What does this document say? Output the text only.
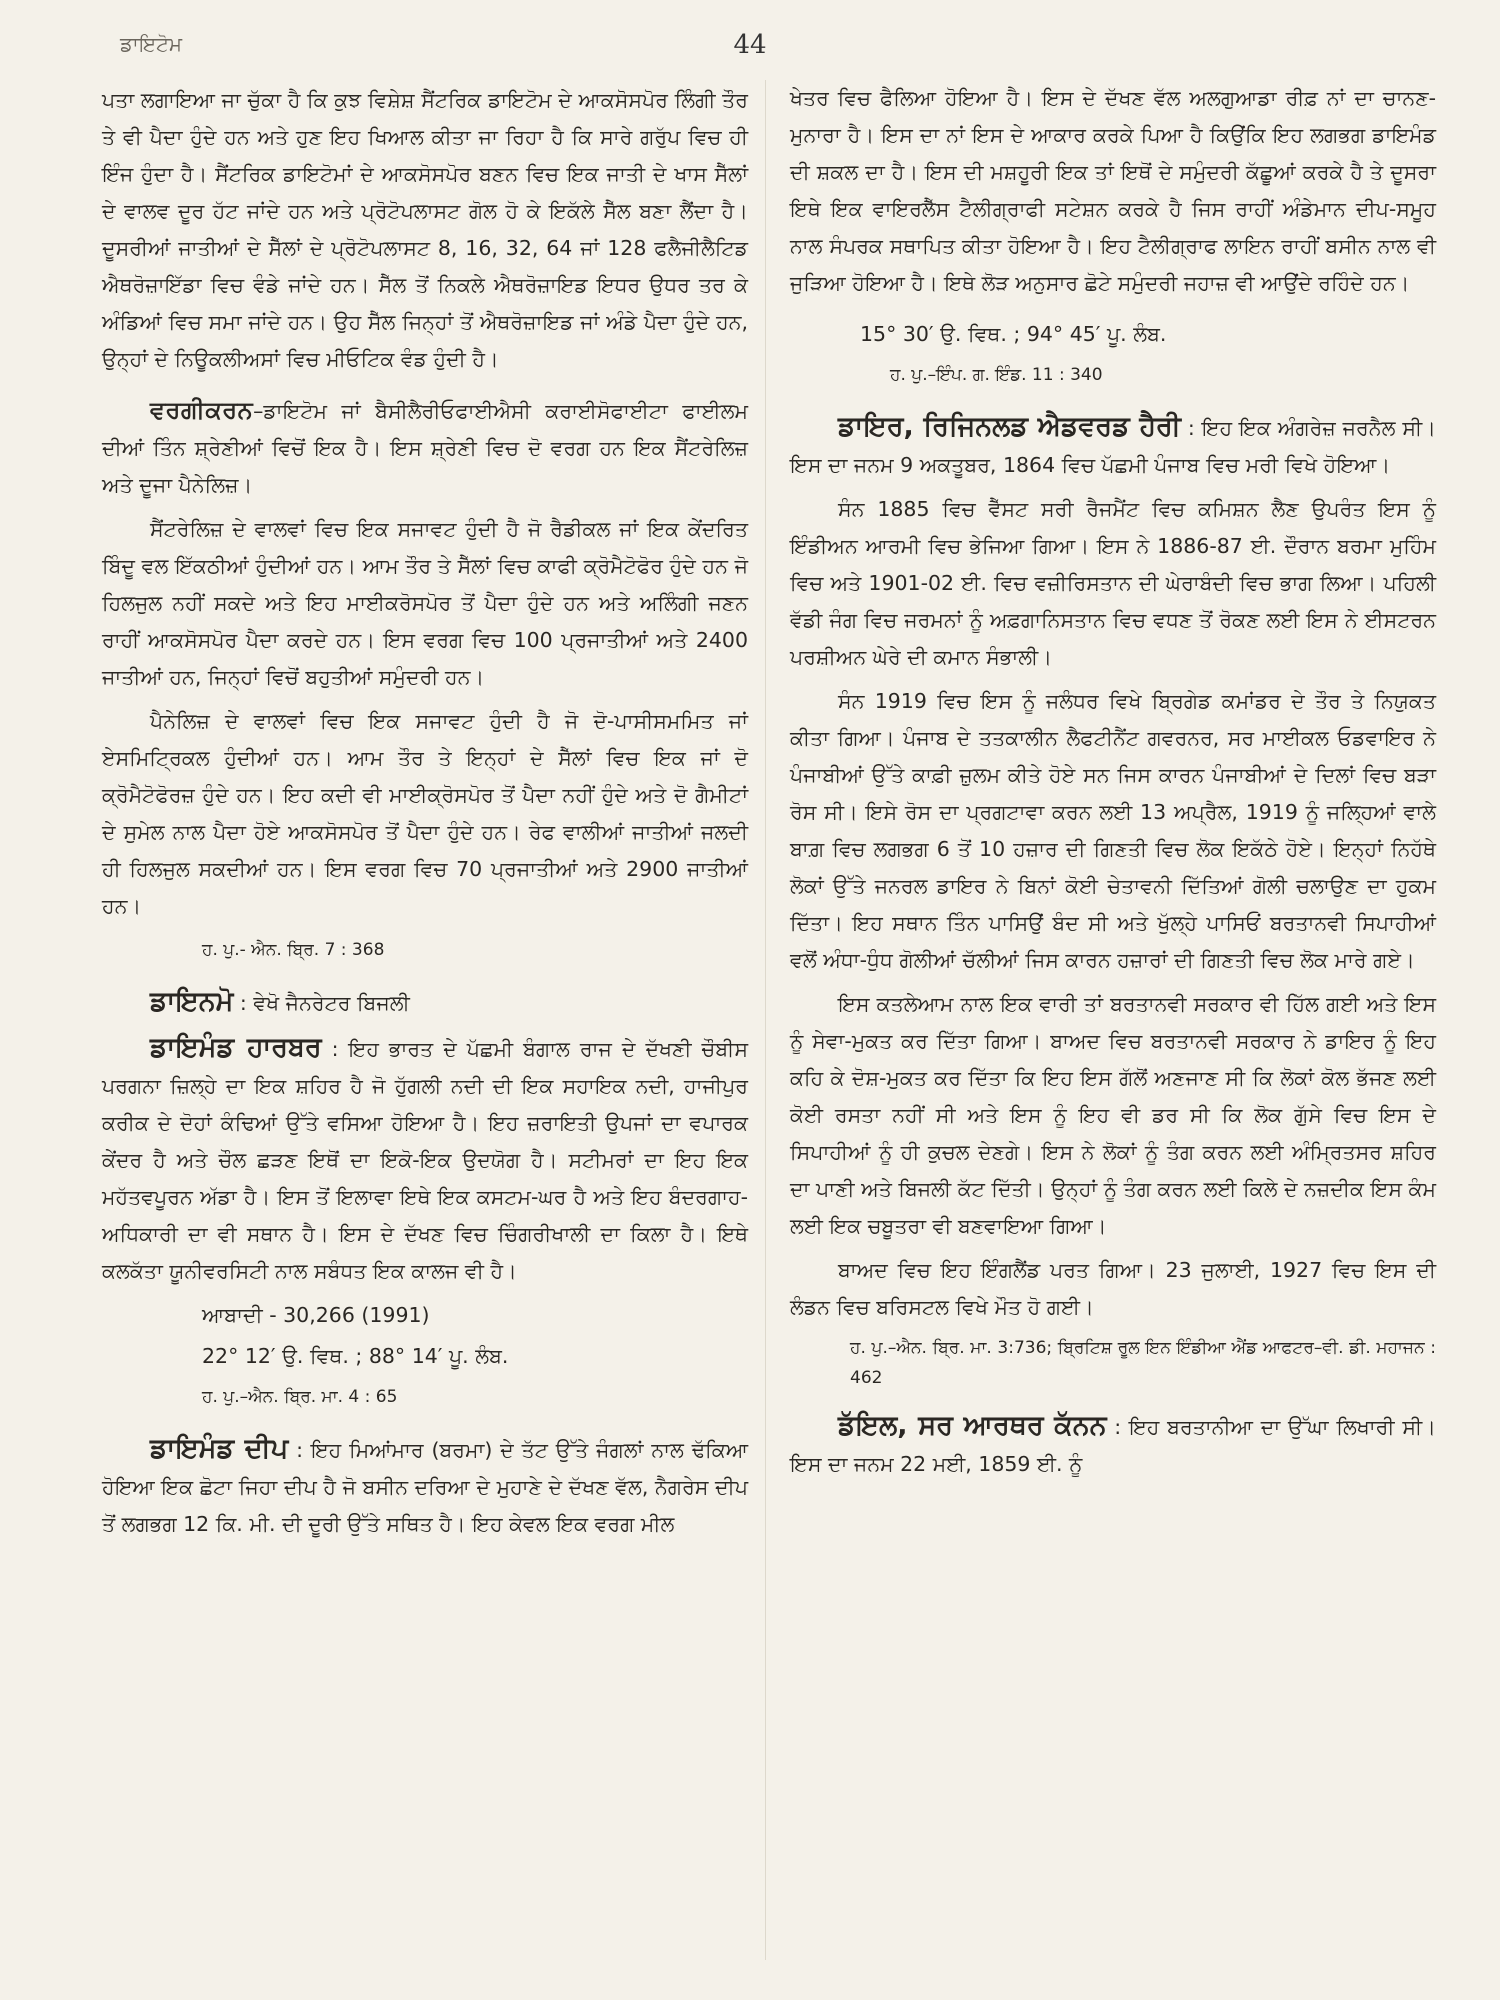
ਡਾਇਟੋਮ	44

ਪਤਾ ਲਗਾਇਆ ਜਾ ਚੁੱਕਾ ਹੈ ਕਿ ਕੁਝ ਵਿਸ਼ੇਸ਼ ਸੈਂਟਰਿਕ ਡਾਇਟੋਮ ਦੇ ਆਕਸੋਸਪੋਰ ਲਿੰਗੀ ਤੌਰ ਤੇ ਵੀ ਪੈਦਾ ਹੁੰਦੇ ਹਨ ਅਤੇ ਹੁਣ ਇਹ ਖਿਆਲ ਕੀਤਾ ਜਾ ਰਿਹਾ ਹੈ ਕਿ ਸਾਰੇ ਗਰੁੱਪ ਵਿਚ ਹੀ ਇੰਜ ਹੁੰਦਾ ਹੈ। ਸੈਂਟਰਿਕ ਡਾਇਟੋਮਾਂ ਦੇ ਆਕਸੋਸਪੋਰ ਬਣਨ ਵਿਚ ਇਕ ਜਾਤੀ ਦੇ ਖਾਸ ਸੈੱਲਾਂ ਦੇ ਵਾਲਵ ਦੂਰ ਹੱਟ ਜਾਂਦੇ ਹਨ ਅਤੇ ਪ੍ਰੋਟੋਪਲਾਸਟ ਗੋਲ ਹੋ ਕੇ ਇਕੱਲੇ ਸੈੱਲ ਬਣਾ ਲੈਂਦਾ ਹੈ। ਦੂਸਰੀਆਂ ਜਾਤੀਆਂ ਦੇ ਸੈੱਲਾਂ ਦੇ ਪ੍ਰੋਟੋਪਲਾਸਟ 8, 16, 32, 64 ਜਾਂ 128 ਫਲੈਜੀਲੈਟਿਡ ਐਥਰੋਜ਼ਾਇੱਡਾ ਵਿਚ ਵੰਡੇ ਜਾਂਦੇ ਹਨ। ਸੈੱਲ ਤੋਂ ਨਿਕਲੇ ਐਥਰੋਜ਼ਾਇਡ ਇਧਰ ਉਧਰ ਤਰ ਕੇ ਅੰਡਿਆਂ ਵਿਚ ਸਮਾ ਜਾਂਦੇ ਹਨ। ਉਹ ਸੈੱਲ ਜਿਨ੍ਹਾਂ ਤੋਂ ਐਥਰੋਜ਼ਾਇਡ ਜਾਂ ਅੰਡੇ ਪੈਦਾ ਹੁੰਦੇ ਹਨ, ਉਨ੍ਹਾਂ ਦੇ ਨਿਊਕਲੀਅਸਾਂ ਵਿਚ ਮੀਓਟਿਕ ਵੰਡ ਹੁੰਦੀ ਹੈ।

ਵਰਗੀਕਰਨ–ਡਾਇਟੋਮ ਜਾਂ ਬੈਸੀਲੈਰੀਓਫਾਈਐਸੀ ਕਰਾਈਸੋਫਾਈਟਾ ਫਾਈਲਮ ਦੀਆਂ ਤਿੰਨ ਸ਼੍ਰੇਣੀਆਂ ਵਿਚੋਂ ਇਕ ਹੈ। ਇਸ ਸ਼੍ਰੇਣੀ ਵਿਚ ਦੋ ਵਰਗ ਹਨ ਇਕ ਸੈਂਟਰੇਲਿਜ਼ ਅਤੇ ਦੂਜਾ ਪੈਨੇਲਿਜ਼।

ਸੈਂਟਰੇਲਿਜ਼ ਦੇ ਵਾਲਵਾਂ ਵਿਚ ਇਕ ਸਜਾਵਟ ਹੁੰਦੀ ਹੈ ਜੋ ਰੈਡੀਕਲ ਜਾਂ ਇਕ ਕੇਂਦਰਿਤ ਬਿੰਦੂ ਵਲ ਇੱਕਠੀਆਂ ਹੁੰਦੀਆਂ ਹਨ। ਆਮ ਤੌਰ ਤੇ ਸੈੱਲਾਂ ਵਿਚ ਕਾਫੀ ਕ੍ਰੋਮੈਟੋਫੋਰ ਹੁੰਦੇ ਹਨ ਜੋ ਹਿਲਜੁਲ ਨਹੀਂ ਸਕਦੇ ਅਤੇ ਇਹ ਮਾਈਕਰੋਸਪੋਰ ਤੋਂ ਪੈਦਾ ਹੁੰਦੇ ਹਨ ਅਤੇ ਅਲਿੰਗੀ ਜਣਨ ਰਾਹੀਂ ਆਕਸੋਸਪੋਰ ਪੈਦਾ ਕਰਦੇ ਹਨ। ਇਸ ਵਰਗ ਵਿਚ 100 ਪ੍ਰਜਾਤੀਆਂ ਅਤੇ 2400 ਜਾਤੀਆਂ ਹਨ, ਜਿਨ੍ਹਾਂ ਵਿਚੋਂ ਬਹੁਤੀਆਂ ਸਮੁੰਦਰੀ ਹਨ।

ਪੈਨੇਲਿਜ਼ ਦੇ ਵਾਲਵਾਂ ਵਿਚ ਇਕ ਸਜਾਵਟ ਹੁੰਦੀ ਹੈ ਜੋ ਦੋ-ਪਾਸੀਸਮਮਿਤ ਜਾਂ ਏਸਮਿਟ੍ਰਿਕਲ ਹੁੰਦੀਆਂ ਹਨ। ਆਮ ਤੌਰ ਤੇ ਇਨ੍ਹਾਂ ਦੇ ਸੈੱਲਾਂ ਵਿਚ ਇਕ ਜਾਂ ਦੋ ਕ੍ਰੋਮੈਟੋਫੋਰਜ਼ ਹੁੰਦੇ ਹਨ। ਇਹ ਕਦੀ ਵੀ ਮਾਈਕ੍ਰੋਸਪੋਰ ਤੋਂ ਪੈਦਾ ਨਹੀਂ ਹੁੰਦੇ ਅਤੇ ਦੋ ਗੈਮੀਟਾਂ ਦੇ ਸੁਮੇਲ ਨਾਲ ਪੈਦਾ ਹੋਏ ਆਕਸੋਸਪੋਰ ਤੋਂ ਪੈਦਾ ਹੁੰਦੇ ਹਨ। ਰੇਫ ਵਾਲੀਆਂ ਜਾਤੀਆਂ ਜਲਦੀ ਹੀ ਹਿਲਜੁਲ ਸਕਦੀਆਂ ਹਨ। ਇਸ ਵਰਗ ਵਿਚ 70 ਪ੍ਰਜਾਤੀਆਂ ਅਤੇ 2900 ਜਾਤੀਆਂ ਹਨ।

ਹ. ਪੁ.- ਐਨ. ਬ੍ਰਿ. 7 : 368

ਡਾਇਨਮੋ : ਵੇਖੋ ਜੈਨਰੇਟਰ ਬਿਜਲੀ

ਡਾਇਮੰਡ ਹਾਰਬਰ : ਇਹ ਭਾਰਤ ਦੇ ਪੱਛਮੀ ਬੰਗਾਲ ਰਾਜ ਦੇ ਦੱਖਣੀ ਚੌਬੀਸ ਪਰਗਨਾ ਜ਼ਿਲ੍ਹੇ ਦਾ ਇਕ ਸ਼ਹਿਰ ਹੈ ਜੋ ਹੁੱਗਲੀ ਨਦੀ ਦੀ ਇਕ ਸਹਾਇਕ ਨਦੀ, ਹਾਜੀਪੁਰ ਕਰੀਕ ਦੇ ਦੋਹਾਂ ਕੰਢਿਆਂ ਉੱਤੇ ਵਸਿਆ ਹੋਇਆ ਹੈ। ਇਹ ਜ਼ਰਾਇਤੀ ਉਪਜਾਂ ਦਾ ਵਪਾਰਕ ਕੇਂਦਰ ਹੈ ਅਤੇ ਚੌਲ ਛੜਣ ਇਥੋਂ ਦਾ ਇਕੋ-ਇਕ ਉਦਯੋਗ ਹੈ। ਸਟੀਮਰਾਂ ਦਾ ਇਹ ਇਕ ਮਹੱਤਵਪੂਰਨ ਅੱਡਾ ਹੈ। ਇਸ ਤੋਂ ਇਲਾਵਾ ਇਥੇ ਇਕ ਕਸਟਮ-ਘਰ ਹੈ ਅਤੇ ਇਹ ਬੰਦਰਗਾਹ-ਅਧਿਕਾਰੀ ਦਾ ਵੀ ਸਥਾਨ ਹੈ। ਇਸ ਦੇ ਦੱਖਣ ਵਿਚ ਚਿੰਗਰੀਖਾਲੀ ਦਾ ਕਿਲਾ ਹੈ। ਇਥੇ ਕਲਕੱਤਾ ਯੂਨੀਵਰਸਿਟੀ ਨਾਲ ਸਬੰਧਤ ਇਕ ਕਾਲਜ ਵੀ ਹੈ।

ਆਬਾਦੀ - 30,266 (1991)

22° 12′ ਉ. ਵਿਥ. ; 88° 14′ ਪੂ. ਲੰਬ.

ਹ. ਪੁ.–ਐਨ. ਬ੍ਰਿ. ਮਾ. 4 : 65

ਡਾਇਮੰਡ ਦੀਪ : ਇਹ ਮਿਆਂਮਾਰ (ਬਰਮਾ) ਦੇ ਤੱਟ ਉੱਤੇ ਜੰਗਲਾਂ ਨਾਲ ਢੱਕਿਆ ਹੋਇਆ ਇਕ ਛੋਟਾ ਜਿਹਾ ਦੀਪ ਹੈ ਜੋ ਬਸੀਨ ਦਰਿਆ ਦੇ ਮੁਹਾਣੇ ਦੇ ਦੱਖਣ ਵੱਲ, ਨੈਗਰੇਸ ਦੀਪ ਤੋਂ ਲਗਭਗ 12 ਕਿ. ਮੀ. ਦੀ ਦੂਰੀ ਉੱਤੇ ਸਥਿਤ ਹੈ। ਇਹ ਕੇਵਲ ਇਕ ਵਰਗ ਮੀਲ

ਖੇਤਰ ਵਿਚ ਫੈਲਿਆ ਹੋਇਆ ਹੈ। ਇਸ ਦੇ ਦੱਖਣ ਵੱਲ ਅਲਗੁਆਡਾ ਰੀਫ਼ ਨਾਂ ਦਾ ਚਾਨਣ-ਮੁਨਾਰਾ ਹੈ। ਇਸ ਦਾ ਨਾਂ ਇਸ ਦੇ ਆਕਾਰ ਕਰਕੇ ਪਿਆ ਹੈ ਕਿਉਂਕਿ ਇਹ ਲਗਭਗ ਡਾਇਮੰਡ ਦੀ ਸ਼ਕਲ ਦਾ ਹੈ। ਇਸ ਦੀ ਮਸ਼ਹੂਰੀ ਇਕ ਤਾਂ ਇਥੋਂ ਦੇ ਸਮੁੰਦਰੀ ਕੱਛੂਆਂ ਕਰਕੇ ਹੈ ਤੇ ਦੂਸਰਾ ਇਥੇ ਇਕ ਵਾਇਰਲੈੱਸ ਟੈਲੀਗ੍ਰਾਫੀ ਸਟੇਸ਼ਨ ਕਰਕੇ ਹੈ ਜਿਸ ਰਾਹੀਂ ਅੰਡੇਮਾਨ ਦੀਪ-ਸਮੂਹ ਨਾਲ ਸੰਪਰਕ ਸਥਾਪਿਤ ਕੀਤਾ ਹੋਇਆ ਹੈ। ਇਹ ਟੈਲੀਗ੍ਰਾਫ ਲਾਇਨ ਰਾਹੀਂ ਬਸੀਨ ਨਾਲ ਵੀ ਜੁੜਿਆ ਹੋਇਆ ਹੈ। ਇਥੇ ਲੋੜ ਅਨੁਸਾਰ ਛੋਟੇ ਸਮੁੰਦਰੀ ਜਹਾਜ਼ ਵੀ ਆਉਂਦੇ ਰਹਿੰਦੇ ਹਨ।

15° 30′ ਉ. ਵਿਥ. ; 94° 45′ ਪੂ. ਲੰਬ.

ਹ. ਪੁ.–ਇੰਪ. ਗ. ਇੰਡ. 11 : 340

ਡਾਇਰ, ਰਿਜਿਨਲਡ ਐਡਵਰਡ ਹੈਰੀ : ਇਹ ਇਕ ਅੰਗਰੇਜ਼ ਜਰਨੈਲ ਸੀ। ਇਸ ਦਾ ਜਨਮ 9 ਅਕਤੂਬਰ, 1864 ਵਿਚ ਪੱਛਮੀ ਪੰਜਾਬ ਵਿਚ ਮਰੀ ਵਿਖੇ ਹੋਇਆ।

ਸੰਨ 1885 ਵਿਚ ਵੈੱਸਟ ਸਰੀ ਰੈਜਮੈਂਟ ਵਿਚ ਕਮਿਸ਼ਨ ਲੈਣ ਉਪਰੰਤ ਇਸ ਨੂੰ ਇੰਡੀਅਨ ਆਰਮੀ ਵਿਚ ਭੇਜਿਆ ਗਿਆ। ਇਸ ਨੇ 1886-87 ਈ. ਦੌਰਾਨ ਬਰਮਾ ਮੁਹਿੰਮ ਵਿਚ ਅਤੇ 1901-02 ਈ. ਵਿਚ ਵਜ਼ੀਰਿਸਤਾਨ ਦੀ ਘੇਰਾਬੰਦੀ ਵਿਚ ਭਾਗ ਲਿਆ। ਪਹਿਲੀ ਵੱਡੀ ਜੰਗ ਵਿਚ ਜਰਮਨਾਂ ਨੂੰ ਅਫ਼ਗਾਨਿਸਤਾਨ ਵਿਚ ਵਧਣ ਤੋਂ ਰੋਕਣ ਲਈ ਇਸ ਨੇ ਈਸਟਰਨ ਪਰਸ਼ੀਅਨ ਘੇਰੇ ਦੀ ਕਮਾਨ ਸੰਭਾਲੀ।

ਸੰਨ 1919 ਵਿਚ ਇਸ ਨੂੰ ਜਲੰਧਰ ਵਿਖੇ ਬ੍ਰਿਗੇਡ ਕਮਾਂਡਰ ਦੇ ਤੌਰ ਤੇ ਨਿਯੁਕਤ ਕੀਤਾ ਗਿਆ। ਪੰਜਾਬ ਦੇ ਤਤਕਾਲੀਨ ਲੈਫਟੀਨੈਂਟ ਗਵਰਨਰ, ਸਰ ਮਾਈਕਲ ਓਡਵਾਇਰ ਨੇ ਪੰਜਾਬੀਆਂ ਉੱਤੇ ਕਾਫ਼ੀ ਜ਼ੁਲਮ ਕੀਤੇ ਹੋਏ ਸਨ ਜਿਸ ਕਾਰਨ ਪੰਜਾਬੀਆਂ ਦੇ ਦਿਲਾਂ ਵਿਚ ਬੜਾ ਰੋਸ ਸੀ। ਇਸੇ ਰੋਸ ਦਾ ਪ੍ਰਗਟਾਵਾ ਕਰਨ ਲਈ 13 ਅਪ੍ਰੈਲ, 1919 ਨੂੰ ਜਲ੍ਹਿਆਂ ਵਾਲੇ ਬਾਗ਼ ਵਿਚ ਲਗਭਗ 6 ਤੋਂ 10 ਹਜ਼ਾਰ ਦੀ ਗਿਣਤੀ ਵਿਚ ਲੋਕ ਇਕੱਠੇ ਹੋਏ। ਇਨ੍ਹਾਂ ਨਿਹੱਥੇ ਲੋਕਾਂ ਉੱਤੇ ਜਨਰਲ ਡਾਇਰ ਨੇ ਬਿਨਾਂ ਕੋਈ ਚੇਤਾਵਨੀ ਦਿੱਤਿਆਂ ਗੋਲੀ ਚਲਾਉਣ ਦਾ ਹੁਕਮ ਦਿੱਤਾ। ਇਹ ਸਥਾਨ ਤਿੰਨ ਪਾਸਿਉਂ ਬੰਦ ਸੀ ਅਤੇ ਖੁੱਲ੍ਹੇ ਪਾਸਿਓਂ ਬਰਤਾਨਵੀ ਸਿਪਾਹੀਆਂ ਵਲੋਂ ਅੰਧਾ-ਧੁੰਧ ਗੋਲੀਆਂ ਚੱਲੀਆਂ ਜਿਸ ਕਾਰਨ ਹਜ਼ਾਰਾਂ ਦੀ ਗਿਣਤੀ ਵਿਚ ਲੋਕ ਮਾਰੇ ਗਏ।

ਇਸ ਕਤਲੇਆਮ ਨਾਲ ਇਕ ਵਾਰੀ ਤਾਂ ਬਰਤਾਨਵੀ ਸਰਕਾਰ ਵੀ ਹਿੱਲ ਗਈ ਅਤੇ ਇਸ ਨੂੰ ਸੇਵਾ-ਮੁਕਤ ਕਰ ਦਿੱਤਾ ਗਿਆ। ਬਾਅਦ ਵਿਚ ਬਰਤਾਨਵੀ ਸਰਕਾਰ ਨੇ ਡਾਇਰ ਨੂੰ ਇਹ ਕਹਿ ਕੇ ਦੋਸ਼-ਮੁਕਤ ਕਰ ਦਿੱਤਾ ਕਿ ਇਹ ਇਸ ਗੱਲੋਂ ਅਣਜਾਣ ਸੀ ਕਿ ਲੋਕਾਂ ਕੋਲ ਭੱਜਣ ਲਈ ਕੋਈ ਰਸਤਾ ਨਹੀਂ ਸੀ ਅਤੇ ਇਸ ਨੂੰ ਇਹ ਵੀ ਡਰ ਸੀ ਕਿ ਲੋਕ ਗੁੱਸੇ ਵਿਚ ਇਸ ਦੇ ਸਿਪਾਹੀਆਂ ਨੂੰ ਹੀ ਕੁਚਲ ਦੇਣਗੇ। ਇਸ ਨੇ ਲੋਕਾਂ ਨੂੰ ਤੰਗ ਕਰਨ ਲਈ ਅੰਮ੍ਰਿਤਸਰ ਸ਼ਹਿਰ ਦਾ ਪਾਣੀ ਅਤੇ ਬਿਜਲੀ ਕੱਟ ਦਿੱਤੀ। ਉਨ੍ਹਾਂ ਨੂੰ ਤੰਗ ਕਰਨ ਲਈ ਕਿਲੇ ਦੇ ਨਜ਼ਦੀਕ ਇਸ ਕੰਮ ਲਈ ਇਕ ਚਬੂਤਰਾ ਵੀ ਬਣਵਾਇਆ ਗਿਆ।

ਬਾਅਦ ਵਿਚ ਇਹ ਇੰਗਲੈਂਡ ਪਰਤ ਗਿਆ। 23 ਜੁਲਾਈ, 1927 ਵਿਚ ਇਸ ਦੀ ਲੰਡਨ ਵਿਚ ਬਰਿਸਟਲ ਵਿਖੇ ਮੌਤ ਹੋ ਗਈ।

ਹ. ਪੁ.–ਐਨ. ਬ੍ਰਿ. ਮਾ. 3:736; ਬ੍ਰਿਟਿਸ਼ ਰੂਲ ਇਨ ਇੰਡੀਆ ਐਂਡ ਆਫਟਰ–ਵੀ. ਡੀ. ਮਹਾਜਨ : 462

ਡੱਇਲ, ਸਰ ਆਰਥਰ ਕੱਨਨ : ਇਹ ਬਰਤਾਨੀਆ ਦਾ ਉੱਘਾ ਲਿਖਾਰੀ ਸੀ। ਇਸ ਦਾ ਜਨਮ 22 ਮਈ, 1859 ਈ. ਨੂੰ
